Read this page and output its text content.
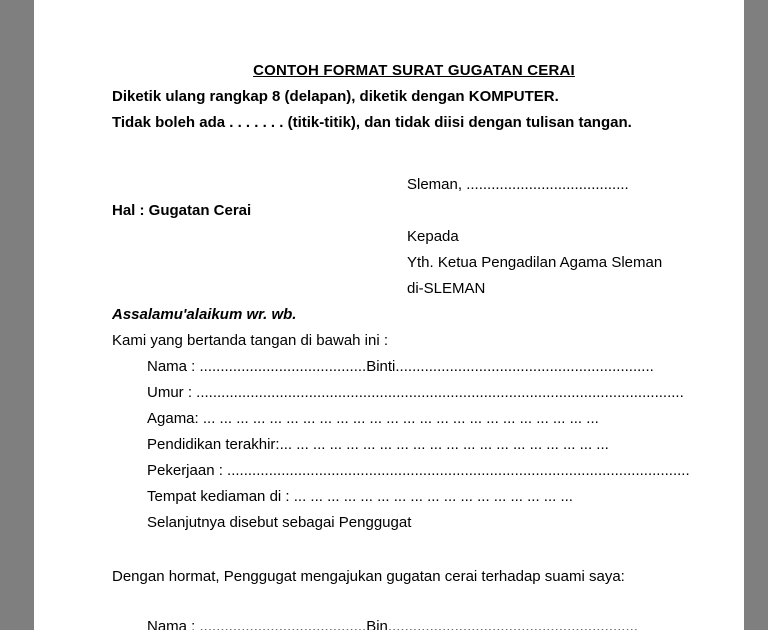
CONTOH FORMAT SURAT GUGATAN CERAI

Diketik ulang rangkap 8 (delapan), diketik dengan KOMPUTER.

Tidak boleh ada . . . . . . . (titik-titik), dan tidak diisi dengan tulisan tangan.

Sleman, .......................................

Hal : Gugatan Cerai

Kepada

Yth. Ketua Pengadilan Agama Sleman

di-SLEMAN

Assalamu'alaikum wr. wb.

Kami yang bertanda tangan di bawah ini :

Nama : ........................................Binti..............................................................

Umur : .....................................................................................................................

Agama: ... ... ... ... ... ... ... ... ... ... ... ... ... ... ... ... ... ... ... ... ... ... ... ...

Pendidikan terakhir:... ... ... ... ... ... ... ... ... ... ... ... ... ... ... ... ... ... ... ...

Pekerjaan : ...............................................................................................................

Tempat kediaman di : ... ... ... ... ... ... ... ... ... ... ... ... ... ... ... ... ...

Selanjutnya disebut sebagai Penggugat

Dengan hormat, Penggugat mengajukan gugatan cerai terhadap suami saya:

Nama : ........................................Bin............................................................
